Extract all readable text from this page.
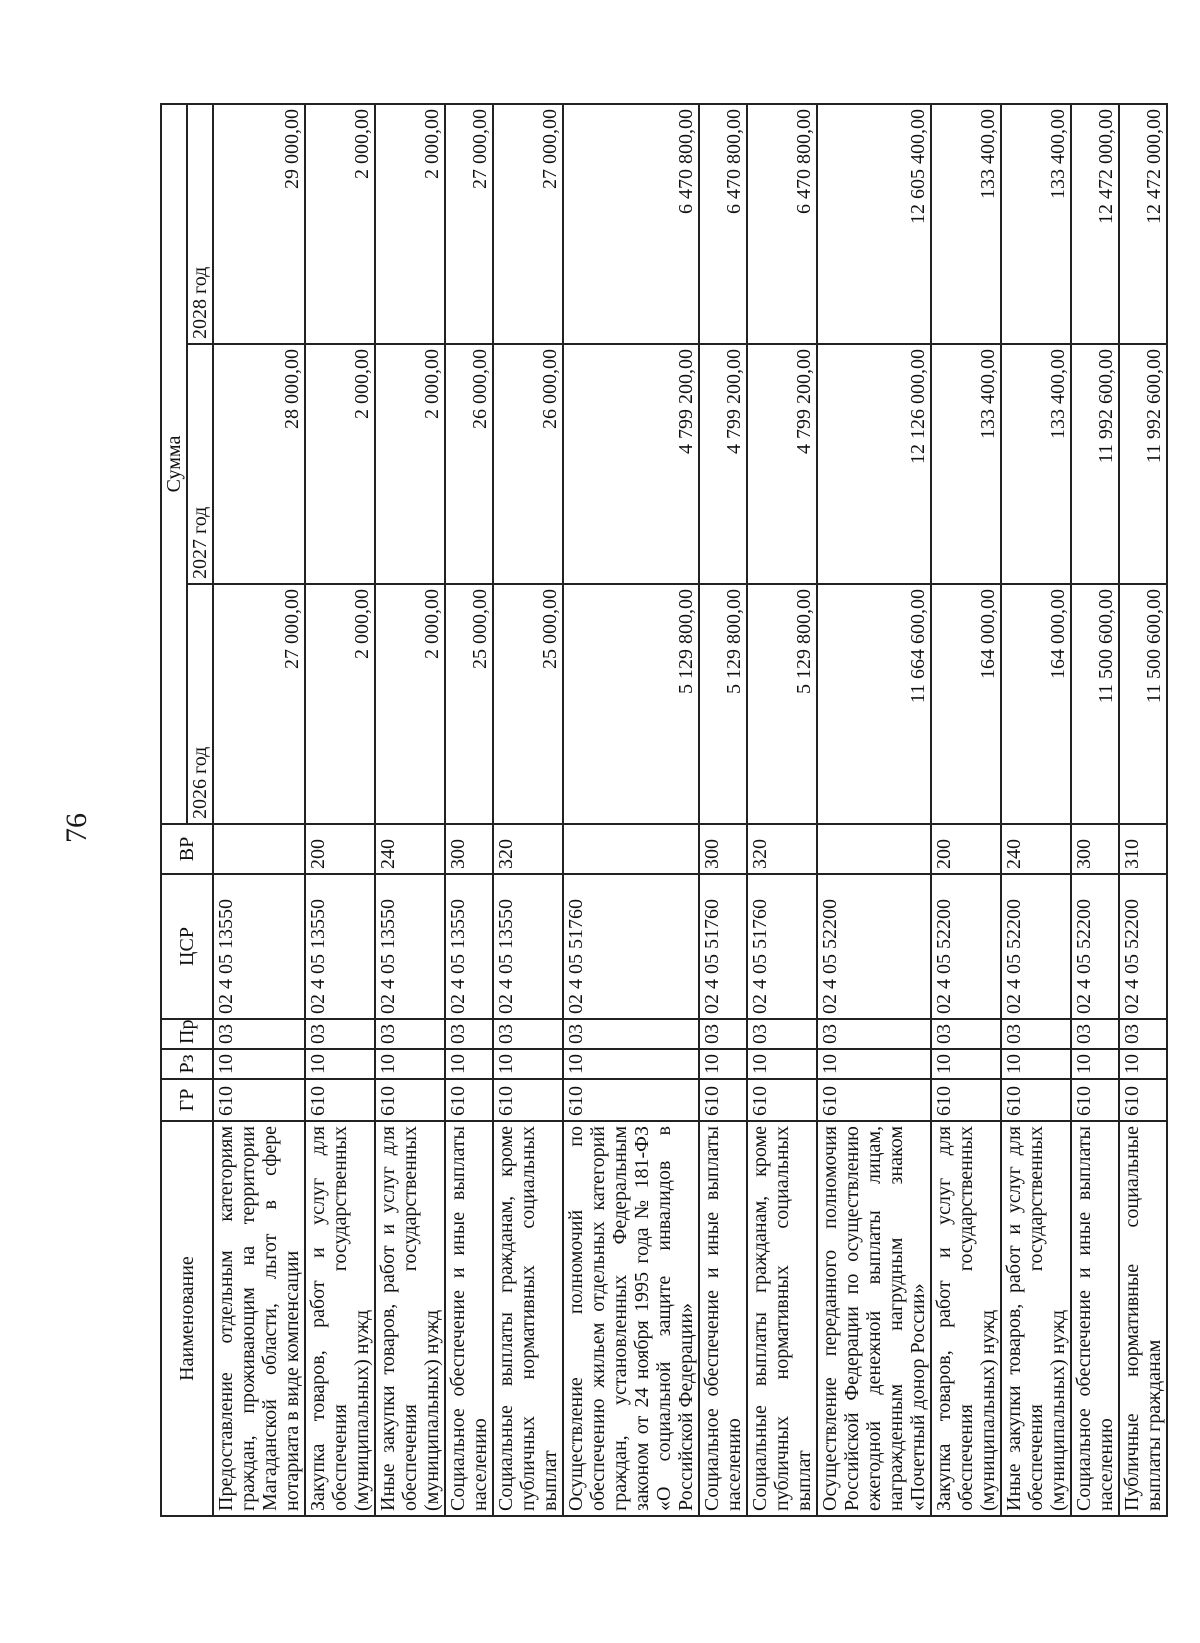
76
Наименование	ГР	Рз	Пр	ЦСР	ВР	Сумма		
						2026 год	2027 год	2028 год
Предоставление отдельным категориям граждан, проживающим на территории Магаданской области, льгот в сфере нотариата в виде компенсации	610	10	03	02 4 05 13550		27 000,00	28 000,00	29 000,00
Закупка товаров, работ и услуг для обеспечения государственных (муниципальных) нужд	610	10	03	02 4 05 13550	200	2 000,00	2 000,00	2 000,00
Иные закупки товаров, работ и услуг для обеспечения государственных (муниципальных) нужд	610	10	03	02 4 05 13550	240	2 000,00	2 000,00	2 000,00
Социальное обеспечение и иные выплаты населению	610	10	03	02 4 05 13550	300	25 000,00	26 000,00	27 000,00
Социальные выплаты гражданам, кроме публичных нормативных социальных выплат	610	10	03	02 4 05 13550	320	25 000,00	26 000,00	27 000,00
Осуществление полномочий по обеспечению жильем отдельных категорий граждан, установленных Федеральным законом от 24 ноября 1995 года № 181-ФЗ «О социальной защите инвалидов в Российской Федерации»	610	10	03	02 4 05 51760		5 129 800,00	4 799 200,00	6 470 800,00
Социальное обеспечение и иные выплаты населению	610	10	03	02 4 05 51760	300	5 129 800,00	4 799 200,00	6 470 800,00
Социальные выплаты гражданам, кроме публичных нормативных социальных выплат	610	10	03	02 4 05 51760	320	5 129 800,00	4 799 200,00	6 470 800,00
Осуществление переданного полномочия Российской Федерации по осуществлению ежегодной денежной выплаты лицам, награжденным нагрудным знаком «Почетный донор России»	610	10	03	02 4 05 52200		11 664 600,00	12 126 000,00	12 605 400,00
Закупка товаров, работ и услуг для обеспечения государственных (муниципальных) нужд	610	10	03	02 4 05 52200	200	164 000,00	133 400,00	133 400,00
Иные закупки товаров, работ и услуг для обеспечения государственных (муниципальных) нужд	610	10	03	02 4 05 52200	240	164 000,00	133 400,00	133 400,00
Социальное обеспечение и иные выплаты населению	610	10	03	02 4 05 52200	300	11 500 600,00	11 992 600,00	12 472 000,00
Публичные нормативные социальные выплаты гражданам	610	10	03	02 4 05 52200	310	11 500 600,00	11 992 600,00	12 472 000,00
